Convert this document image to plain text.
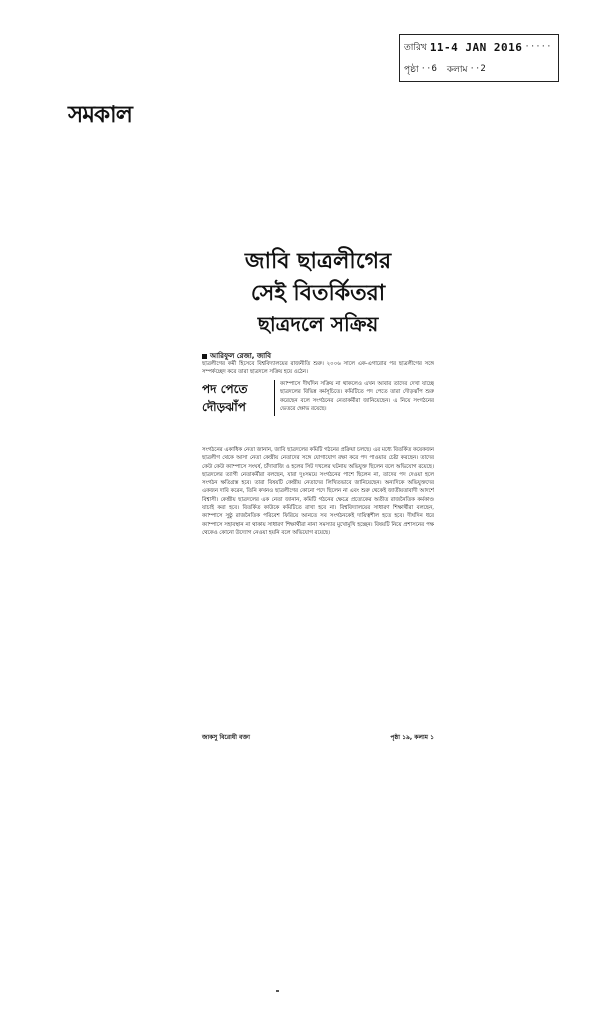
তারিখ 11-4 JAN 2016 ·····
পৃষ্ঠা ·· 6 কলাম ·· 2
সমকাল
জাবি ছাত্রলীগের
সেই বিতর্কিতরা
ছাত্রদলে সক্রিয়
আরিফুল রেজা, জাবি
ছাত্রলীগের কর্মী হিসেবে বিশ্ববিদ্যালয়ের রাজনীতি শুরু। ২০০৬ সালে এক-এগারোর পর ছাত্রলীগের সঙ্গে সম্পর্কচ্ছেদ করে তারা ছাত্রদলে সক্রিয় হয়ে ওঠেন।
পদ পেতে দৌড়ঝাঁপ
ক্যাম্পাসে দীর্ঘদিন সক্রিয় না থাকলেও এখন আবার তাদের দেখা যাচ্ছে ছাত্রদলের বিভিন্ন কর্মসূচিতে। কমিটিতে পদ পেতে তারা দৌড়ঝাঁপ শুরু করেছেন বলে সংগঠনের নেতাকর্মীরা জানিয়েছেন। এ নিয়ে সংগঠনের ভেতরে ক্ষোভ রয়েছে।
সংগঠনের একাধিক নেতা জানান, জাবি ছাত্রদলের কমিটি গঠনের প্রক্রিয়া চলছে। এর মধ্যে বিতর্কিত কয়েকজন ছাত্রলীগ থেকে আসা নেতা কেন্দ্রীয় নেতাদের সঙ্গে যোগাযোগ রক্ষা করে পদ পাওয়ার চেষ্টা করছেন। তাদের কেউ কেউ ক্যাম্পাসে সংঘর্ষ, চাঁদাবাজি ও হলের সিট দখলের ঘটনায় অভিযুক্ত ছিলেন বলে অভিযোগ রয়েছে। ছাত্রদলের ত্যাগী নেতাকর্মীরা বলছেন, যারা দুঃসময়ে সংগঠনের পাশে ছিলেন না, তাদের পদ দেওয়া হলে সংগঠন ক্ষতিগ্রস্ত হবে। তারা বিষয়টি কেন্দ্রীয় নেতাদের লিখিতভাবে জানিয়েছেন। অন্যদিকে অভিযুক্তদের একজন দাবি করেন, তিনি কখনও ছাত্রলীগের কোনো পদে ছিলেন না এবং শুরু থেকেই জাতীয়তাবাদী আদর্শে বিশ্বাসী। কেন্দ্রীয় ছাত্রদলের এক নেতা জানান, কমিটি গঠনের ক্ষেত্রে প্রত্যেকের অতীত রাজনৈতিক কর্মকাণ্ড যাচাই করা হবে। বিতর্কিত কাউকে কমিটিতে রাখা হবে না। বিশ্ববিদ্যালয়ের সাধারণ শিক্ষার্থীরা বলছেন, ক্যাম্পাসে সুষ্ঠু রাজনৈতিক পরিবেশ ফিরিয়ে আনতে সব সংগঠনকেই দায়িত্বশীল হতে হবে। দীর্ঘদিন ধরে ক্যাম্পাসে সহাবস্থান না থাকায় সাধারণ শিক্ষার্থীরা নানা সমস্যার মুখোমুখি হচ্ছেন। বিষয়টি নিয়ে প্রশাসনের পক্ষ থেকেও কোনো উদ্যোগ নেওয়া হয়নি বলে অভিযোগ রয়েছে।
জাকসু বিরোধী বক্তা	পৃষ্ঠা ১৯, কলাম ১
